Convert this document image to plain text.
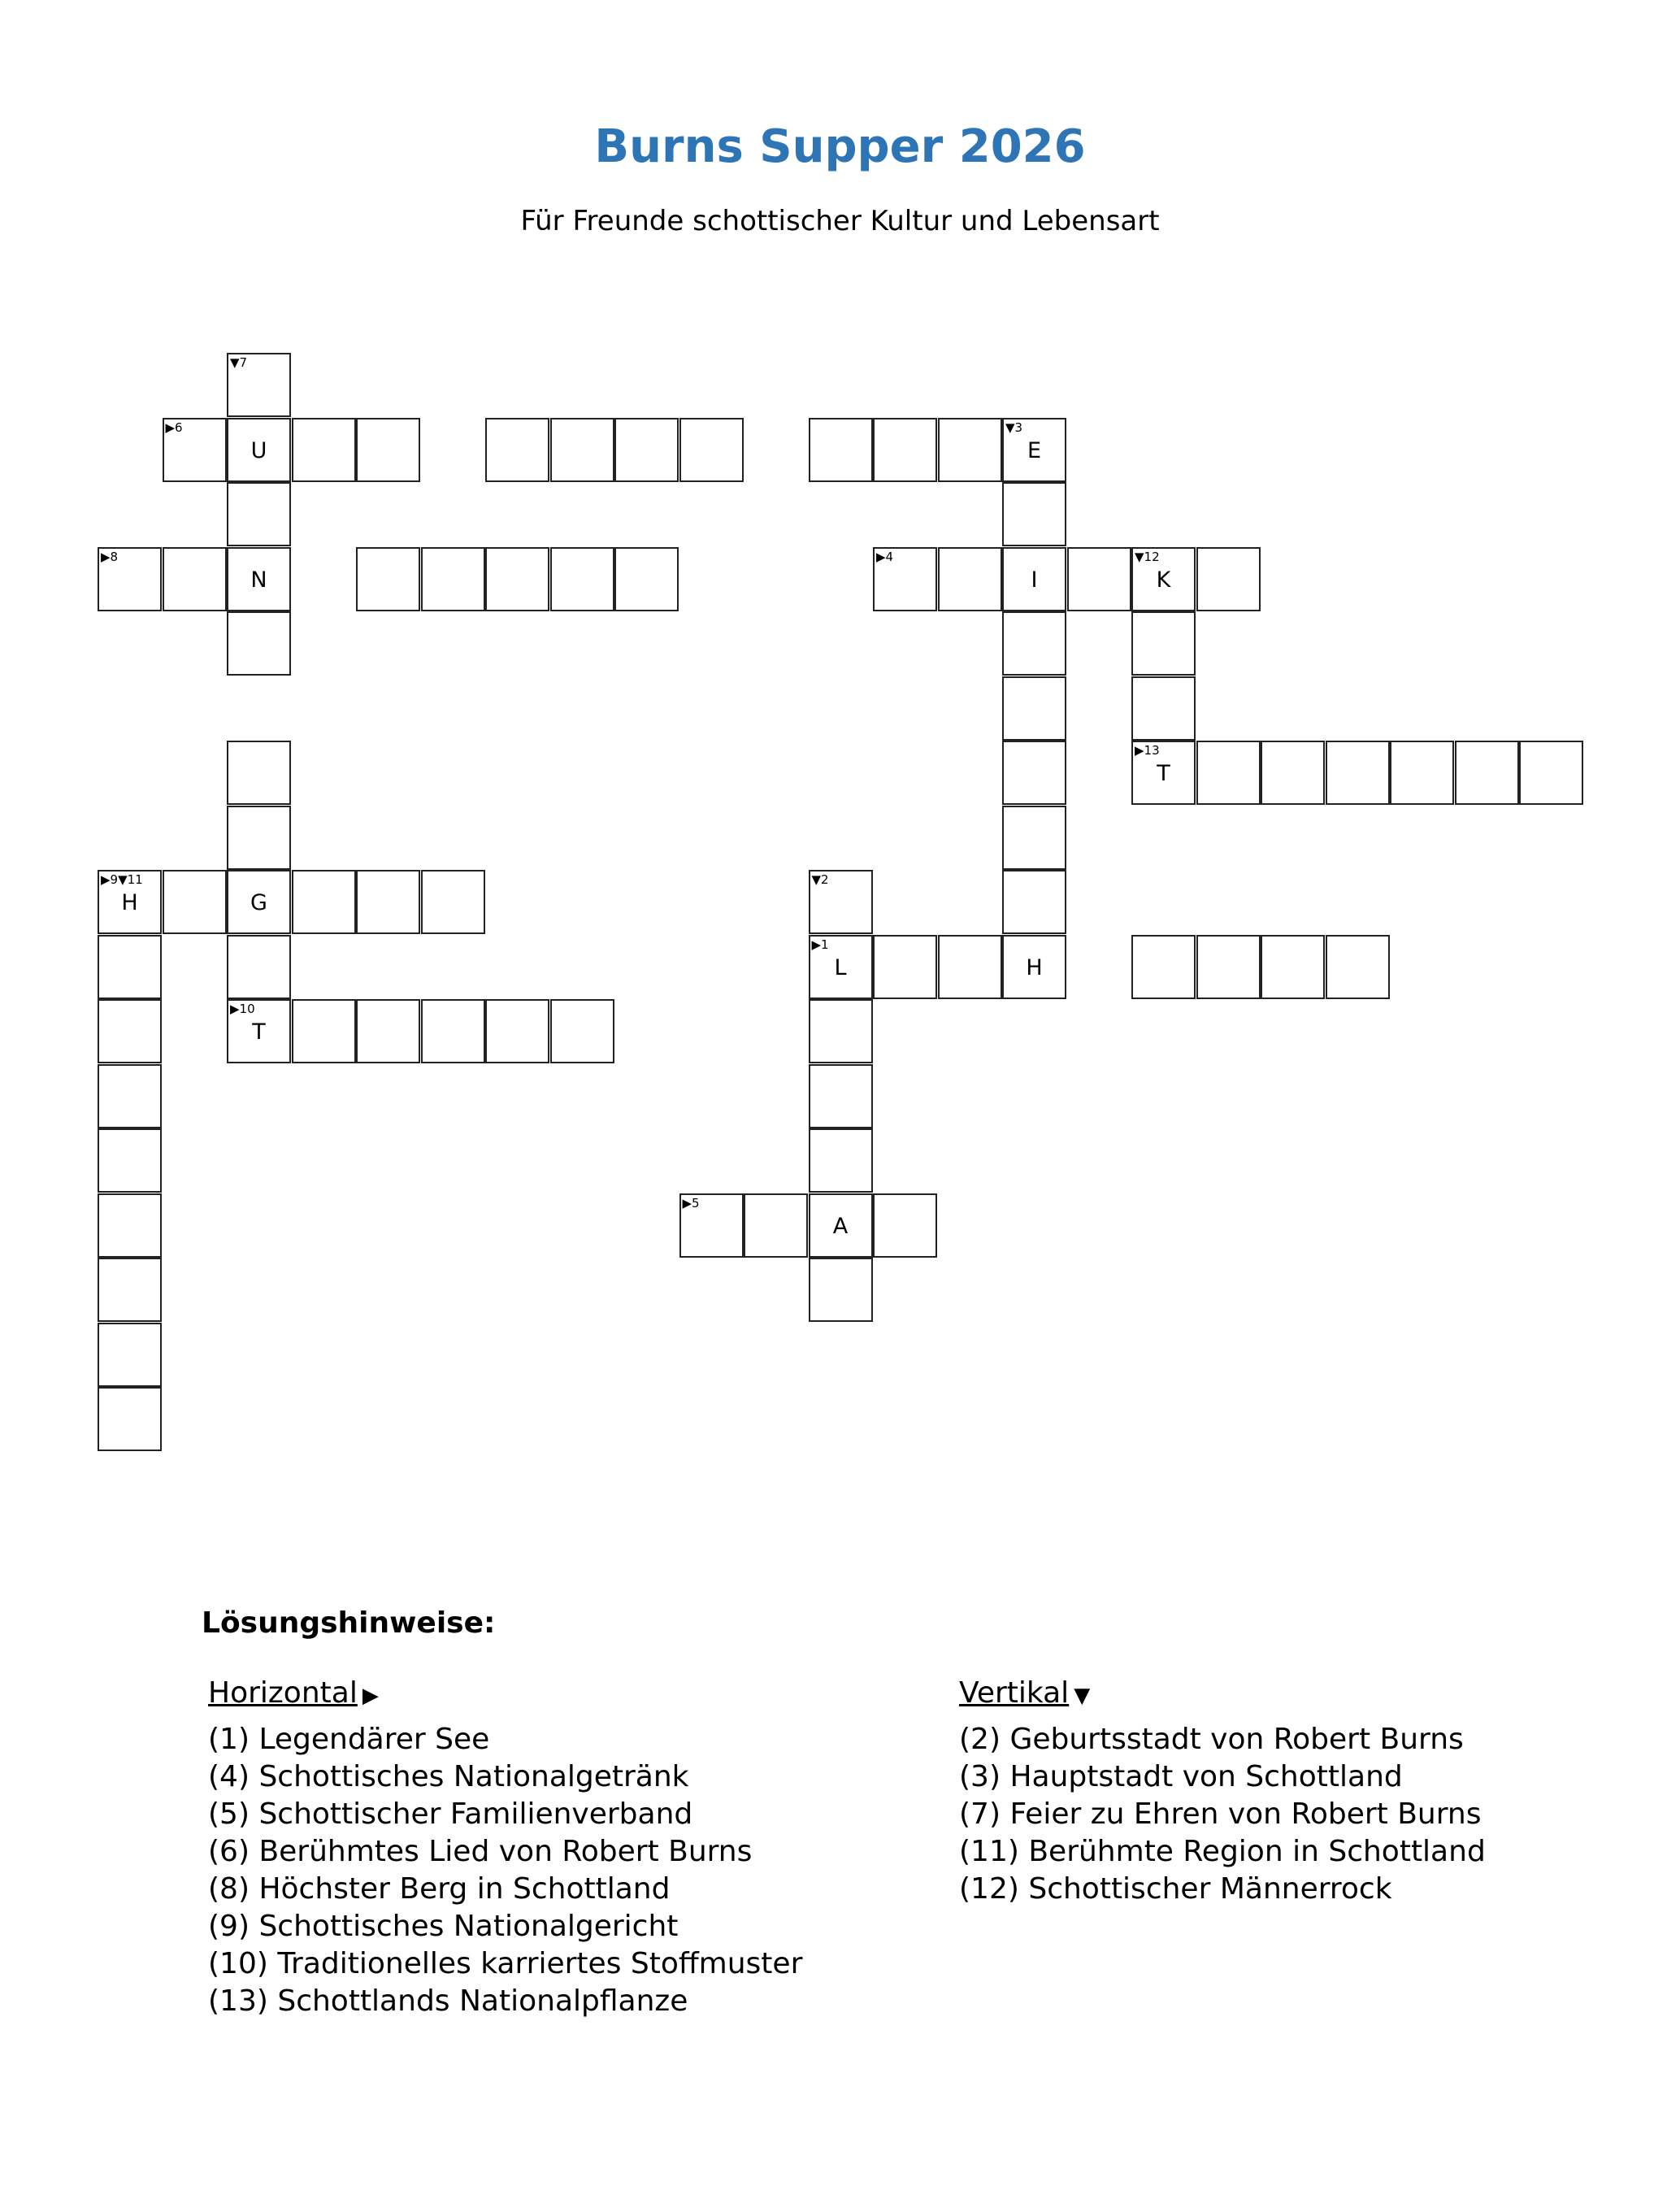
Burns Supper 2026
Für Freunde schottischer Kultur und Lebensart
▼7
▶6
U
▼3
E
▶8
N
▶4
I
▼12
K
▶13
T
▶9▼11
H	G
▼2
▶1
L	H
▶10
T
▶5
A
Lösungshinweise:
Horizontal ▶
(1) Legendärer See
(4) Schottisches Nationalgetränk
(5) Schottischer Familienverband
(6) Berühmtes Lied von Robert Burns
(8) Höchster Berg in Schottland
(9) Schottisches Nationalgericht
(10) Traditionelles karriertes Stoffmuster
(13) Schottlands Nationalpflanze
Vertikal ▼
(2) Geburtsstadt von Robert Burns
(3) Hauptstadt von Schottland
(7) Feier zu Ehren von Robert Burns
(11) Berühmte Region in Schottland
(12) Schottischer Männerrock
